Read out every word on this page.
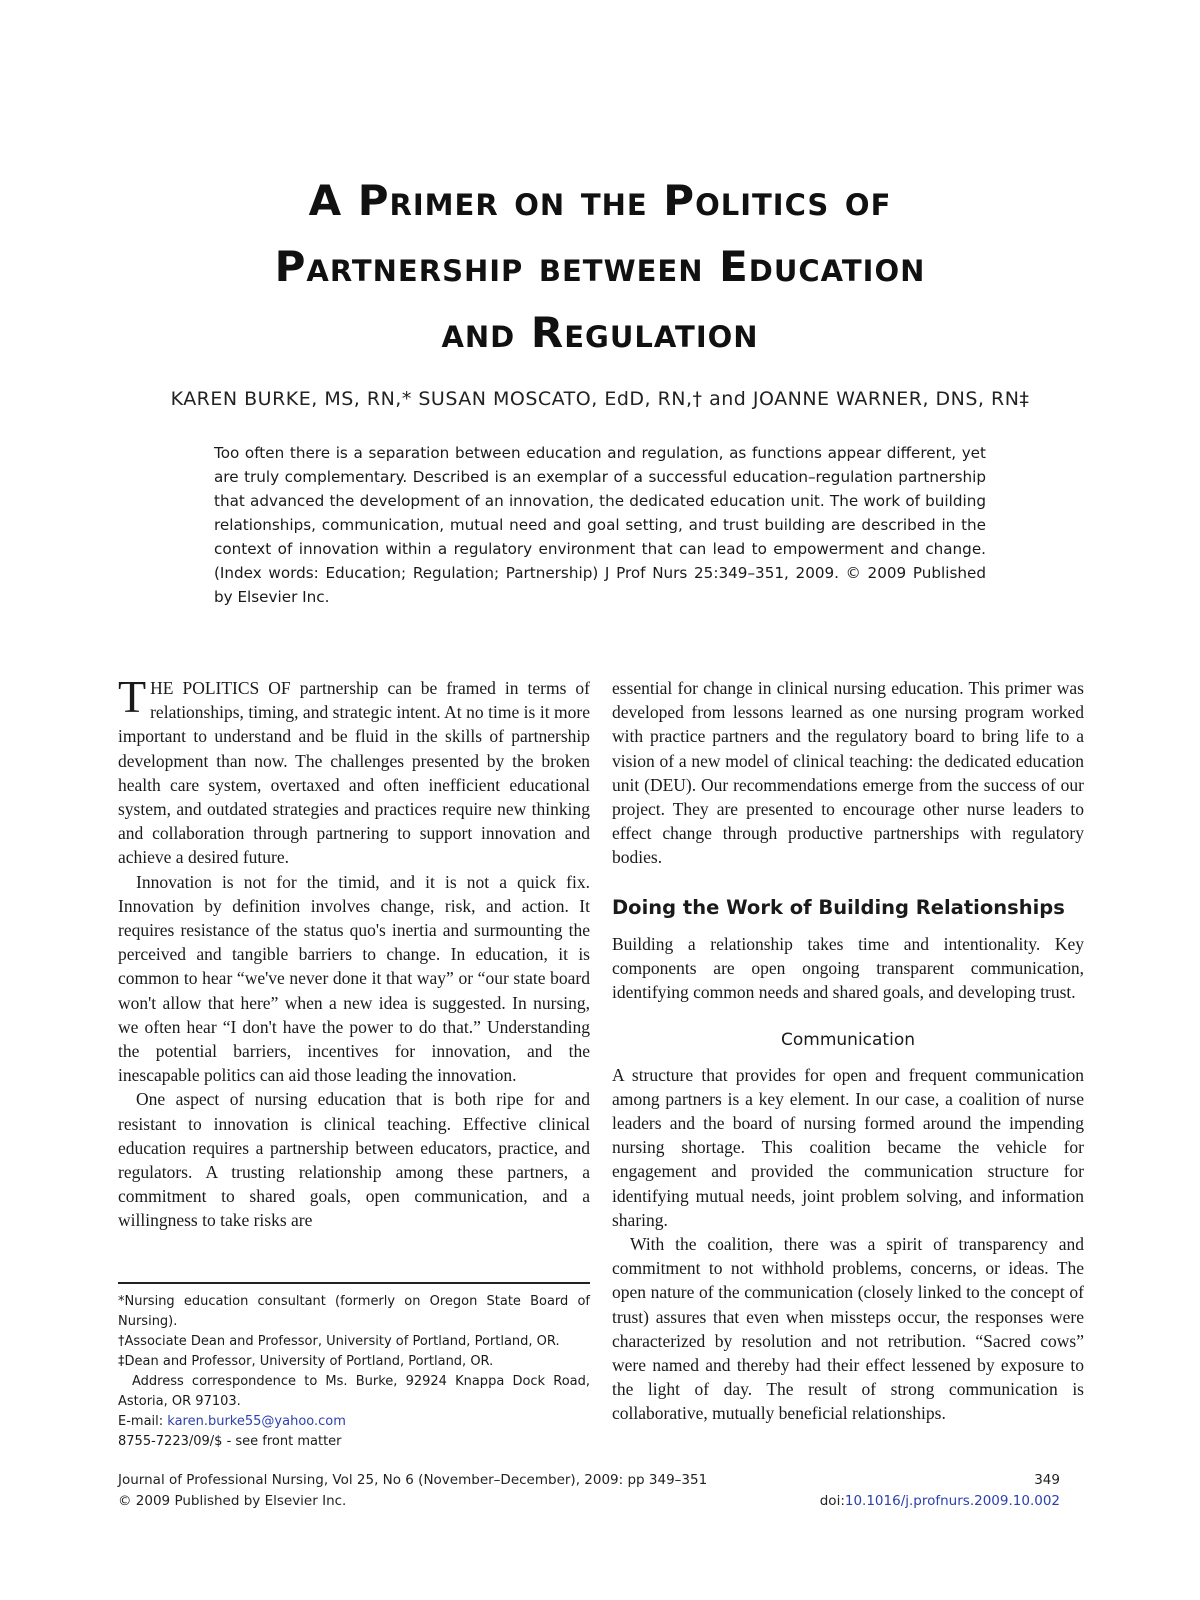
A Primer on the Politics of
Partnership between Education
and Regulation
KAREN BURKE, MS, RN,* SUSAN MOSCATO, EdD, RN,† and JOANNE WARNER, DNS, RN‡
Too often there is a separation between education and regulation, as functions appear different, yet are truly complementary. Described is an exemplar of a successful education–regulation partnership that advanced the development of an innovation, the dedicated education unit. The work of building relationships, communication, mutual need and goal setting, and trust building are described in the context of innovation within a regulatory environment that can lead to empowerment and change. (Index words: Education; Regulation; Partnership) J Prof Nurs 25:349–351, 2009. © 2009 Published by Elsevier Inc.

THE POLITICS OF partnership can be framed in terms of relationships, timing, and strategic intent. At no time is it more important to understand and be fluid in the skills of partnership development than now. The challenges presented by the broken health care system, overtaxed and often inefficient educational system, and outdated strategies and practices require new thinking and collaboration through partnering to support innovation and achieve a desired future.

Innovation is not for the timid, and it is not a quick fix. Innovation by definition involves change, risk, and action. It requires resistance of the status quo's inertia and surmounting the perceived and tangible barriers to change. In education, it is common to hear “we've never done it that way” or “our state board won't allow that here” when a new idea is suggested. In nursing, we often hear “I don't have the power to do that.” Understanding the potential barriers, incentives for innovation, and the inescapable politics can aid those leading the innovation.

One aspect of nursing education that is both ripe for and resistant to innovation is clinical teaching. Effective clinical education requires a partnership between educators, practice, and regulators. A trusting relationship among these partners, a commitment to shared goals, open communication, and a willingness to take risks are

essential for change in clinical nursing education. This primer was developed from lessons learned as one nursing program worked with practice partners and the regulatory board to bring life to a vision of a new model of clinical teaching: the dedicated education unit (DEU). Our recommendations emerge from the success of our project. They are presented to encourage other nurse leaders to effect change through productive partnerships with regulatory bodies.

Doing the Work of Building Relationships

Building a relationship takes time and intentionality. Key components are open ongoing transparent communication, identifying common needs and shared goals, and developing trust.

Communication

A structure that provides for open and frequent communication among partners is a key element. In our case, a coalition of nurse leaders and the board of nursing formed around the impending nursing shortage. This coalition became the vehicle for engagement and provided the communication structure for identifying mutual needs, joint problem solving, and information sharing.

With the coalition, there was a spirit of transparency and commitment to not withhold problems, concerns, or ideas. The open nature of the communication (closely linked to the concept of trust) assures that even when missteps occur, the responses were characterized by resolution and not retribution. “Sacred cows” were named and thereby had their effect lessened by exposure to the light of day. The result of strong communication is collaborative, mutually beneficial relationships.

*Nursing education consultant (formerly on Oregon State Board of Nursing).
†Associate Dean and Professor, University of Portland, Portland, OR.
‡Dean and Professor, University of Portland, Portland, OR.
Address correspondence to Ms. Burke, 92924 Knappa Dock Road, Astoria, OR 97103.
E-mail: karen.burke55@yahoo.com
8755-7223/09/$ - see front matter
Journal of Professional Nursing, Vol 25, No 6 (November–December), 2009: pp 349–351
© 2009 Published by Elsevier Inc.
349
doi:10.1016/j.profnurs.2009.10.002
